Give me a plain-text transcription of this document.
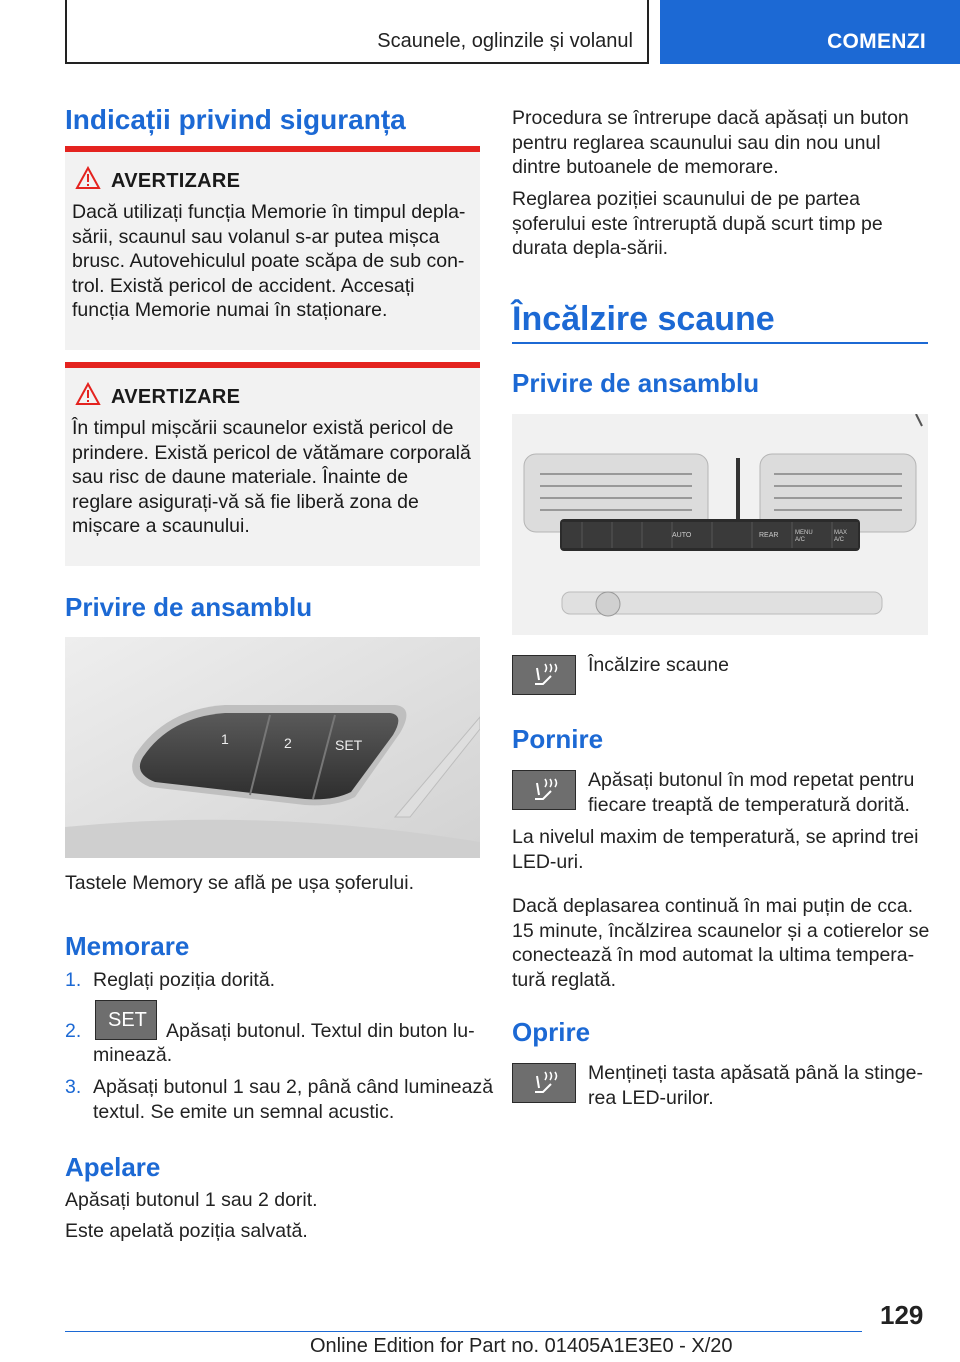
Scaunele, oglinzile și volanul	COMENZI
Indicații privind siguranța
AVERTIZARE
Dacă utilizați funcția Memorie în timpul depla-sării, scaunul sau volanul s-ar putea mișca brusc. Autovehiculul poate scăpa de sub con-trol. Există pericol de accident. Accesați funcția Memorie numai în staționare.
AVERTIZARE
În timpul mișcării scaunelor există pericol de prindere. Există pericol de vătămare corporală sau risc de daune materiale. Înainte de reglare asigurați-vă să fie liberă zona de mișcare a scaunului.
Privire de ansamblu
1	2	SET
Tastele Memory se află pe ușa șoferului.
Memorare
1. Reglați poziția dorită.
2. SET Apăsați butonul. Textul din buton lu-
minează.
3. Apăsați butonul 1 sau 2, până când luminează
textul. Se emite un semnal acustic.
Apelare
Apăsați butonul 1 sau 2 dorit.
Este apelată poziția salvată.
Procedura se întrerupe dacă apăsați un buton pentru reglarea scaunului sau din nou unul dintre butoanele de memorare.
Reglarea poziției scaunului de pe partea șoferului este întreruptă după scurt timp pe durata depla-sării.
Încălzire scaune
Privire de ansamblu
AUTO	REAR	MENU A/C
MAX A/C
Încălzire scaune
Pornire
Apăsați butonul în mod repetat pentru fiecare treaptă de temperatură dorită.
La nivelul maxim de temperatură, se aprind trei LED-uri.
Dacă deplasarea continuă în mai puțin de cca. 15 minute, încălzirea scaunelor și a cotierelor se conectează în mod automat la ultima tempera-tură reglată.
Oprire
Mențineți tasta apăsată până la stinge-rea LED-urilor.
129
Online Edition for Part no. 01405A1E3E0 - X/20
